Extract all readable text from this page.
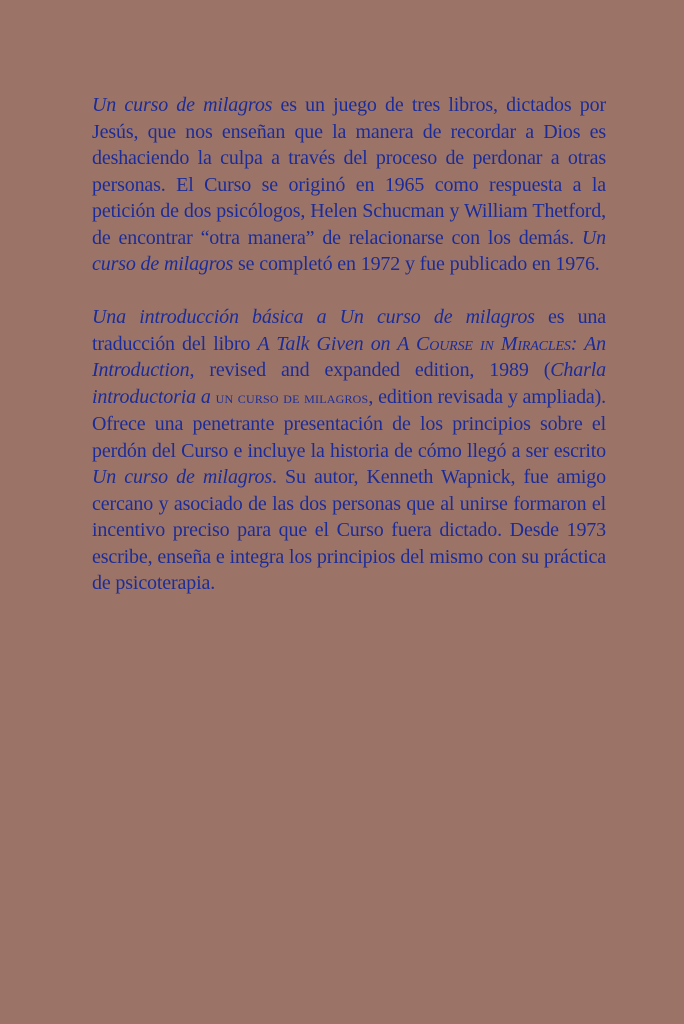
Un curso de milagros es un juego de tres libros, dictados por Jesús, que nos enseñan que la manera de recordar a Dios es deshaciendo la culpa a través del proceso de perdonar a otras personas. El Curso se originó en 1965 como respuesta a la petición de dos psicólogos, Helen Schucman y William Thetford, de encontrar “otra manera” de relacionarse con los demás. Un curso de milagros se completó en 1972 y fue publicado en 1976.

Una introducción básica a Un curso de milagros es una traducción del libro A Talk Given on A Course in Miracles: An Introduction, revised and expanded edition, 1989 (Charla introductoria a un curso de milagros, edition revisada y ampliada). Ofrece una penetrante presentación de los principios sobre el perdón del Curso e incluye la historia de cómo llegó a ser escrito Un curso de milagros. Su autor, Kenneth Wapnick, fue amigo cercano y asociado de las dos personas que al unirse formaron el incentivo preciso para que el Curso fuera dictado. Desde 1973 escribe, enseña e integra los principios del mismo con su práctica de psicoterapia.
